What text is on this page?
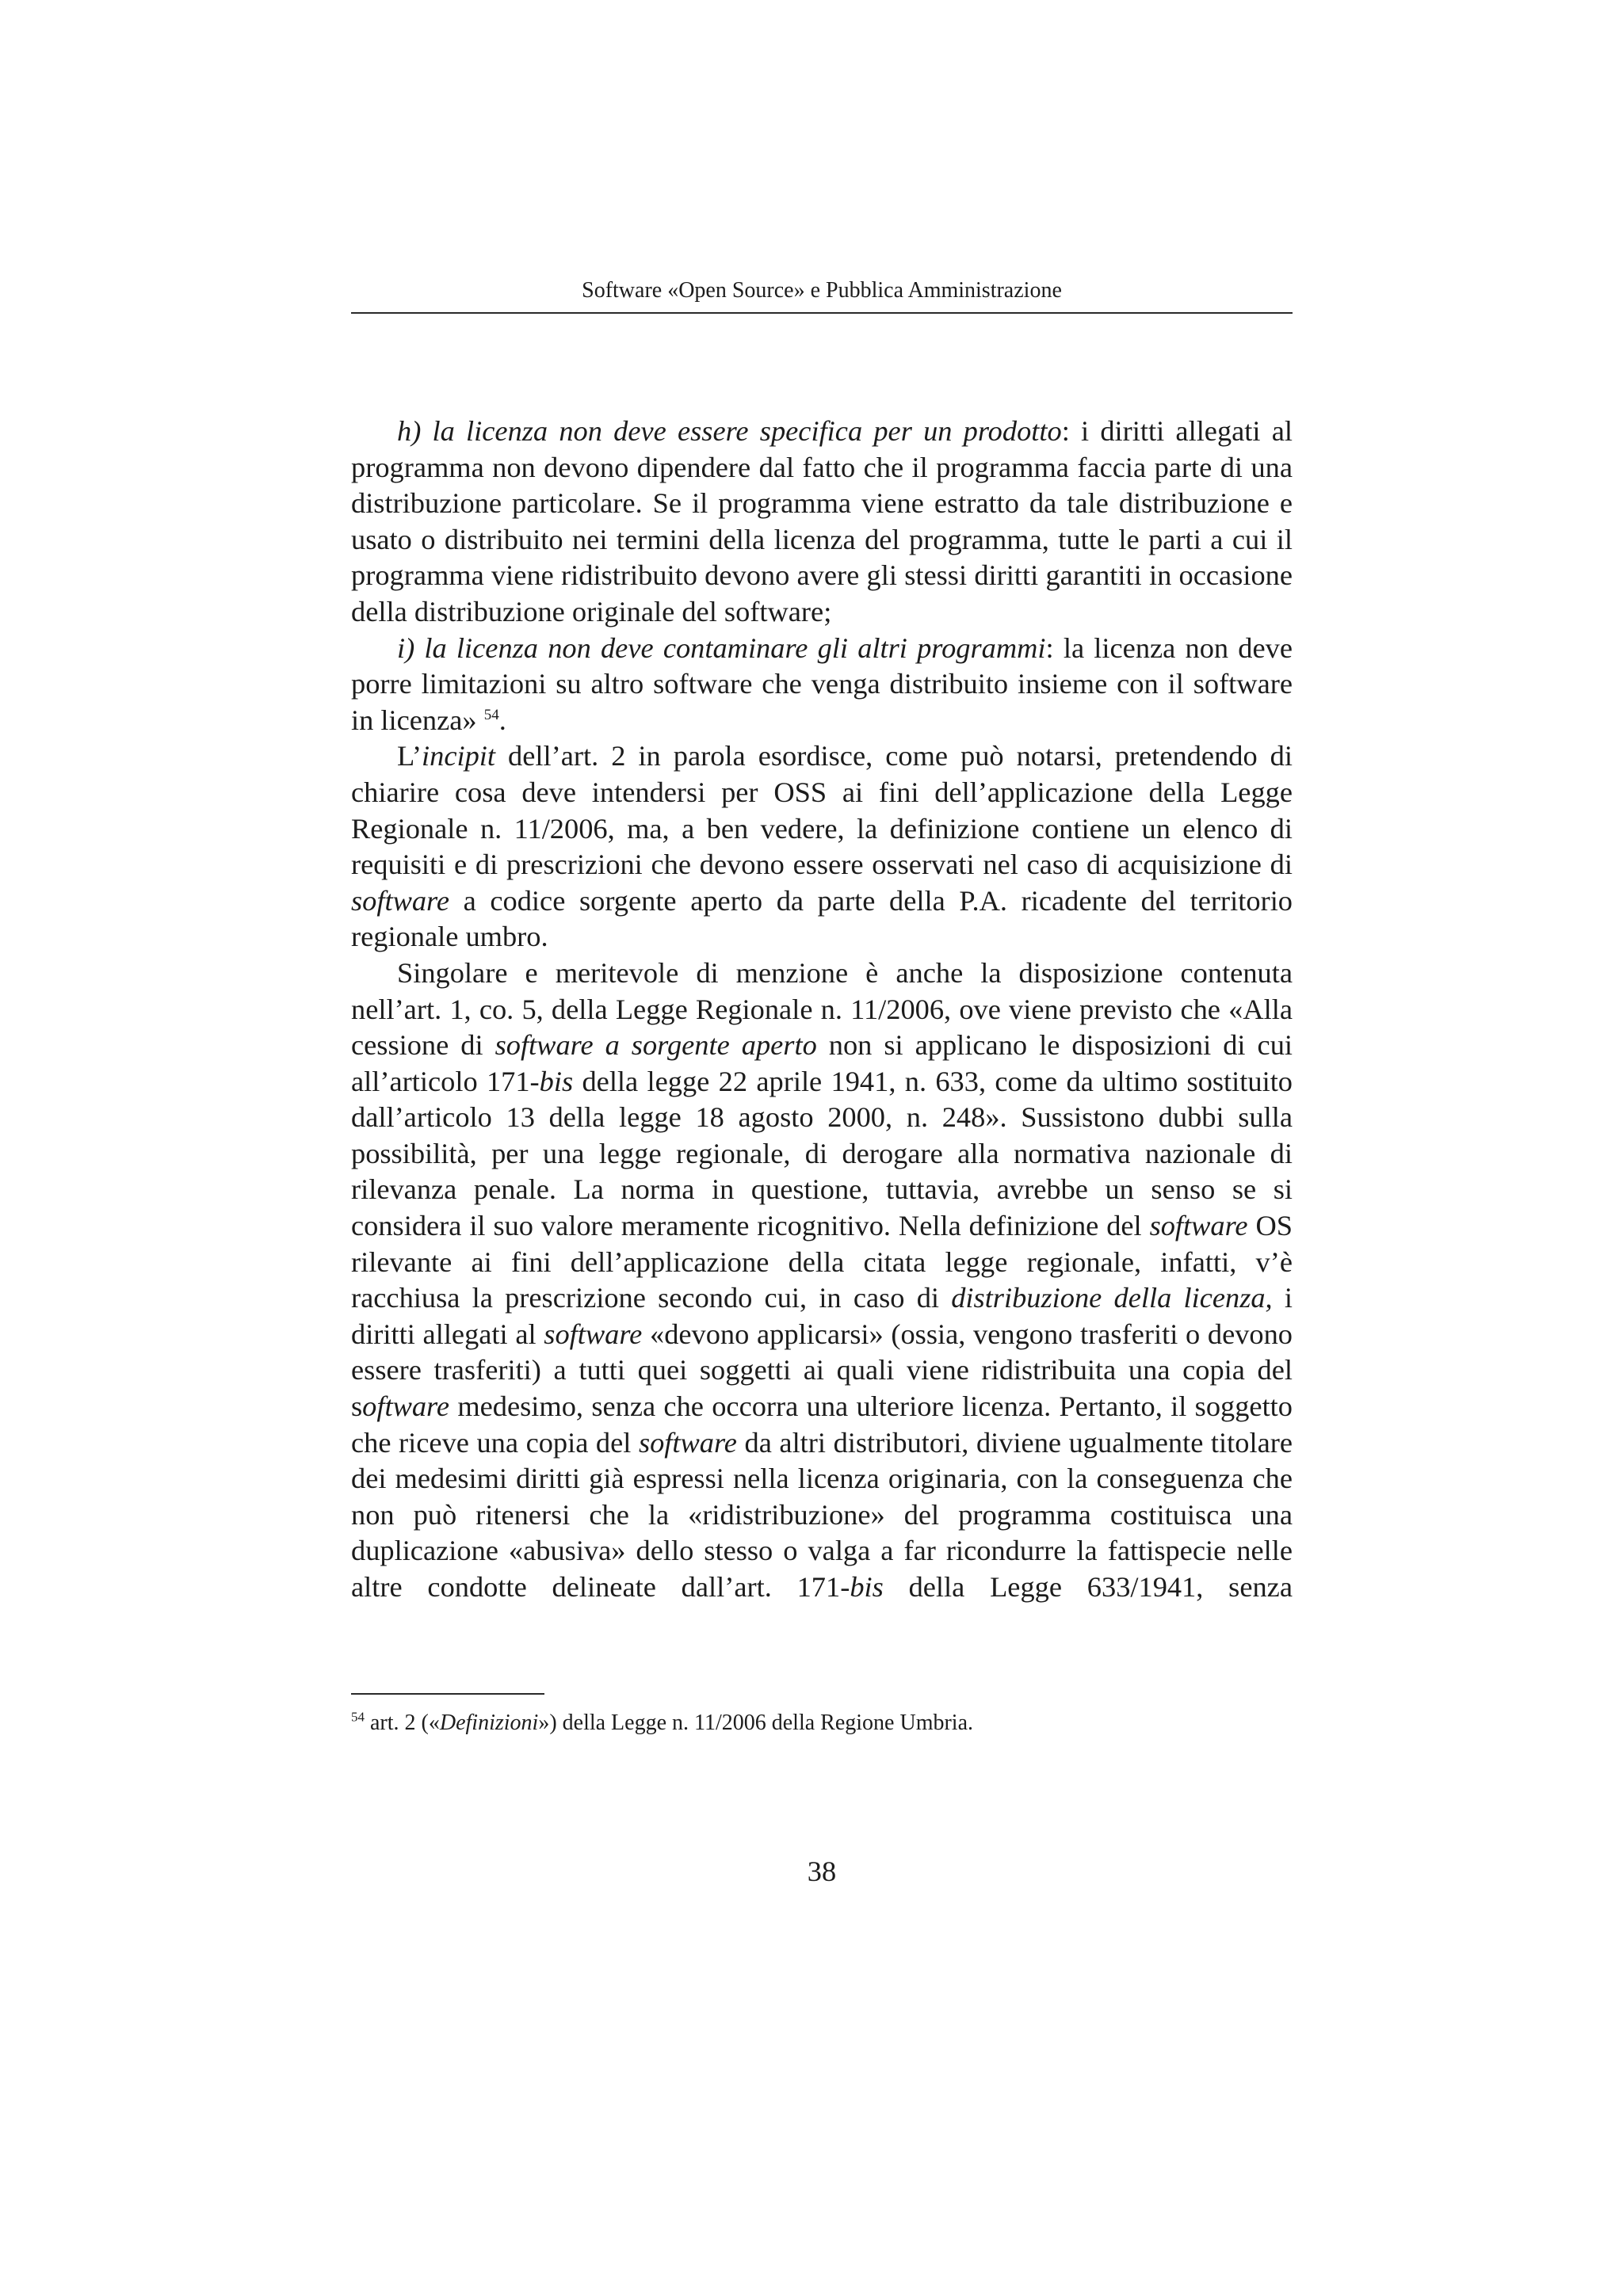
Software «Open Source» e Pubblica Amministrazione

h) la licenza non deve essere specifica per un prodotto: i diritti allegati al programma non devono dipendere dal fatto che il programma faccia parte di una distribuzione particolare. Se il programma viene estratto da tale distribuzione e usato o distribuito nei termini della licenza del programma, tutte le parti a cui il programma viene ridistribuito devono avere gli stessi diritti garantiti in occasione della distribuzione originale del software;

i) la licenza non deve contaminare gli altri programmi: la licenza non deve porre limitazioni su altro software che venga distribuito insieme con il software in licenza» $^{54}$.

L’incipit dell’art. 2 in parola esordisce, come può notarsi, pretendendo di chiarire cosa deve intendersi per OSS ai fini dell’applicazione della Legge Regionale n. 11/2006, ma, a ben vedere, la definizione contiene un elenco di requisiti e di prescrizioni che devono essere osservati nel caso di acquisizione di software a codice sorgente aperto da parte della P.A. ricadente del territorio regionale umbro.

Singolare e meritevole di menzione è anche la disposizione contenuta nell’art. 1, co. 5, della Legge Regionale n. 11/2006, ove viene previsto che «Alla cessione di software a sorgente aperto non si applicano le disposizioni di cui all’articolo 171-bis della legge 22 aprile 1941, n. 633, come da ultimo sostituito dall’articolo 13 della legge 18 agosto 2000, n. 248». Sussistono dubbi sulla possibilità, per una legge regionale, di derogare alla normativa nazionale di rilevanza penale. La norma in questione, tuttavia, avrebbe un senso se si considera il suo valore meramente ricognitivo. Nella definizione del software OS rilevante ai fini dell’applicazione della citata legge regionale, infatti, v’è racchiusa la prescrizione secondo cui, in caso di distribuzione della licenza, i diritti allegati al software «devono applicarsi» (ossia, vengono trasferiti o devono essere trasferiti) a tutti quei soggetti ai quali viene ridistribuita una copia del software medesimo, senza che occorra una ulteriore licenza. Pertanto, il soggetto che riceve una copia del software da altri distributori, diviene ugualmente titolare dei medesimi diritti già espressi nella licenza originaria, con la conseguenza che non può ritenersi che la «ridistribuzione» del programma costituisca una duplicazione «abusiva» dello stesso o valga a far ricondurre la fattispecie nelle altre condotte delineate dall’art. 171-bis della Legge 633/1941, senza

$^{54}$ art. 2 («Definizioni») della Legge n. 11/2006 della Regione Umbria.
38
